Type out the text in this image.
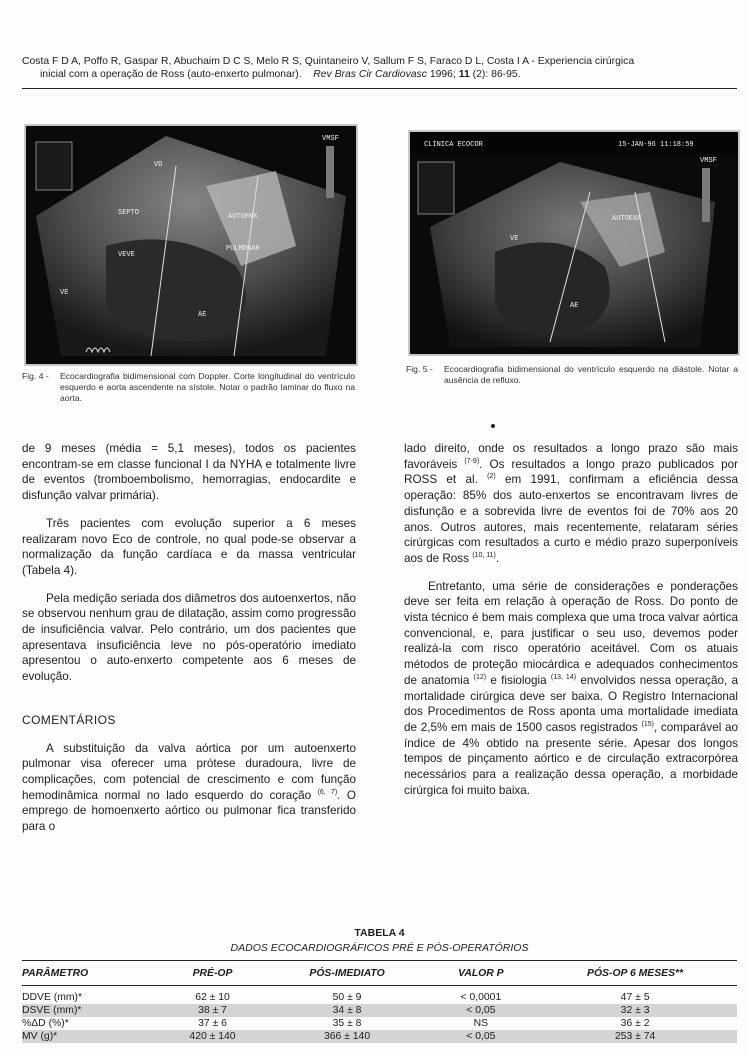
Costa F D A, Poffo R, Gaspar R, Abuchaim D C S, Melo R S, Quintaneiro V, Sallum F S, Faraco D L, Costa I A - Experiencia cirúrgica
inicial com a operação de Ross (auto-enxerto pulmonar). Rev Bras Cir Cardiovasc 1996; 11 (2): 86-95.
VD
SEPTO	AUTOENX
PULMONAR
VEVE
VE
AE
VMSF
Fig. 4 - Ecocardiografia bidimensional com Doppler. Corte longitudinal do ventrículo esquerdo e aorta ascendente na sístole. Notar o padrão laminar do fluxo na aorta.
CLINICA ECOCOR	15-JAN-96 11:18:59
AUTOENX
VE
AE
VMSF
Fig. 5 - Ecocardiografia bidimensional do ventrículo esquerdo na diástole. Notar a ausência de refluxo.

de 9 meses (média = 5,1 meses), todos os pacientes encontram-se em classe funcional I da NYHA e totalmente livre de eventos (tromboembolismo, hemorragias, endocardite e disfunção valvar primária).

Três pacientes com evolução superior a 6 meses realizaram novo Eco de controle, no qual pode-se observar a normalização da função cardíaca e da massa ventricular (Tabela 4).

Pela medição seriada dos diâmetros dos autoenxertos, não se observou nenhum grau de dilatação, assim como progressão de insuficiência valvar. Pelo contrário, um dos pacientes que apresentava insuficiência leve no pós-operatório imediato apresentou o auto-enxerto competente aos 6 meses de evolução.

COMENTÁRIOS

A substituição da valva aórtica por um autoenxerto pulmonar visa oferecer uma prótese duradoura, livre de complicações, com potencial de crescimento e com função hemodinâmica normal no lado esquerdo do coração $^{(6, 7)}$. O emprego de homoenxerto aórtico ou pulmonar fica transferido para o

lado direito, onde os resultados a longo prazo são mais favoráveis $^{(7-9)}$. Os resultados a longo prazo publicados por ROSS et al. $^{(2)}$ em 1991, confirmam a eficiência dessa operação: 85% dos auto-enxertos se encontravam livres de disfunção e a sobrevida livre de eventos foi de 70% aos 20 anos. Outros autores, mais recentemente, relataram séries cirúrgicas com resultados a curto e médio prazo superponíveis aos de Ross $^{(10, 11)}$.

Entretanto, uma série de considerações e ponderações deve ser feita em relação à operação de Ross. Do ponto de vista técnico é bem mais complexa que uma troca valvar aórtica convencional, e, para justificar o seu uso, devemos poder realizá-la com risco operatório aceitável. Com os atuais métodos de proteção miocárdica e adequados conhecimentos de anatomia $^{(12)}$ e fisiologia $^{(13, 14)}$ envolvidos nessa operação, a mortalidade cirúrgica deve ser baixa. O Registro Internacional dos Procedimentos de Ross aponta uma mortalidade imediata de 2,5% em mais de 1500 casos registrados $^{(15)}$, comparável ao índice de 4% obtido na presente série. Apesar dos longos tempos de pinçamento aórtico e de circulação extracorpórea necessários para a realização dessa operação, a morbidade cirúrgica foi muito baixa.

TABELA 4
DADOS ECOCARDIOGRÁFICOS PRÉ E PÓS-OPERATÓRIOS
PARÂMETRO	PRÉ-OP	PÓS-IMEDIATO	VALOR P	PÓS-OP 6 MESES**

DDVE (mm)*	62 ± 10	50 ± 9	< 0,0001	47 ± 5
DSVE (mm)*	38 ± 7	34 ± 8	< 0,05	32 ± 3
%ΔD (%)*	37 ± 6	35 ± 8	NS	36 ± 2
MV (g)*	420 ± 140	366 ± 140	< 0,05	253 ± 74
